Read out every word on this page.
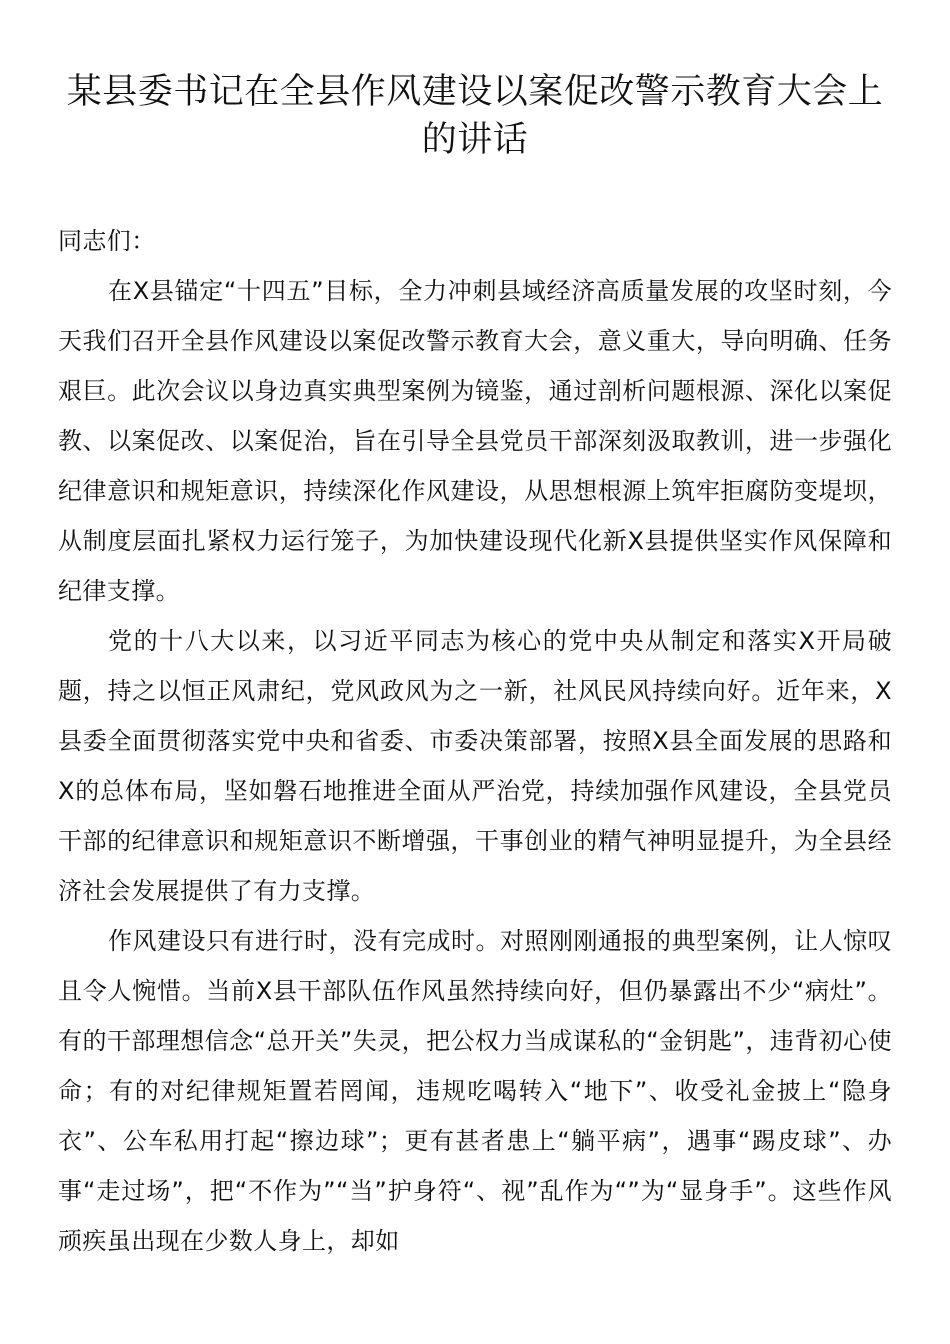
某县委书记在全县作风建设以案促改警示教育大会上的讲话

同志们：

在X县锚定“十四五”目标，全力冲刺县域经济高质量发展的攻坚时刻，今天我们召开全县作风建设以案促改警示教育大会，意义重大，导向明确、任务艰巨。此次会议以身边真实典型案例为镜鉴，通过剖析问题根源、深化以案促教、以案促改、以案促治，旨在引导全县党员干部深刻汲取教训，进一步强化纪律意识和规矩意识，持续深化作风建设，从思想根源上筑牢拒腐防变堤坝，从制度层面扎紧权力运行笼子，为加快建设现代化新X县提供坚实作风保障和纪律支撑。

党的十八大以来，以习近平同志为核心的党中央从制定和落实X开局破题，持之以恒正风肃纪，党风政风为之一新，社风民风持续向好。近年来，X县委全面贯彻落实党中央和省委、市委决策部署，按照X县全面发展的思路和X的总体布局，坚如磐石地推进全面从严治党，持续加强作风建设，全县党员干部的纪律意识和规矩意识不断增强，干事创业的精气神明显提升，为全县经济社会发展提供了有力支撑。

作风建设只有进行时，没有完成时。对照刚刚通报的典型案例，让人惊叹且令人惋惜。当前X县干部队伍作风虽然持续向好，但仍暴露出不少“病灶”。有的干部理想信念“总开关”失灵，把公权力当成谋私的“金钥匙”，违背初心使命；有的对纪律规矩置若罔闻，违规吃喝转入“地下”、收受礼金披上“隐身衣”、公车私用打起“擦边球”；更有甚者患上“躺平病”，遇事“踢皮球”、办事“走过场”，把“不作为”“当”护身符“、视”乱作为“”为“显身手”。这些作风顽疾虽出现在少数人身上，却如
